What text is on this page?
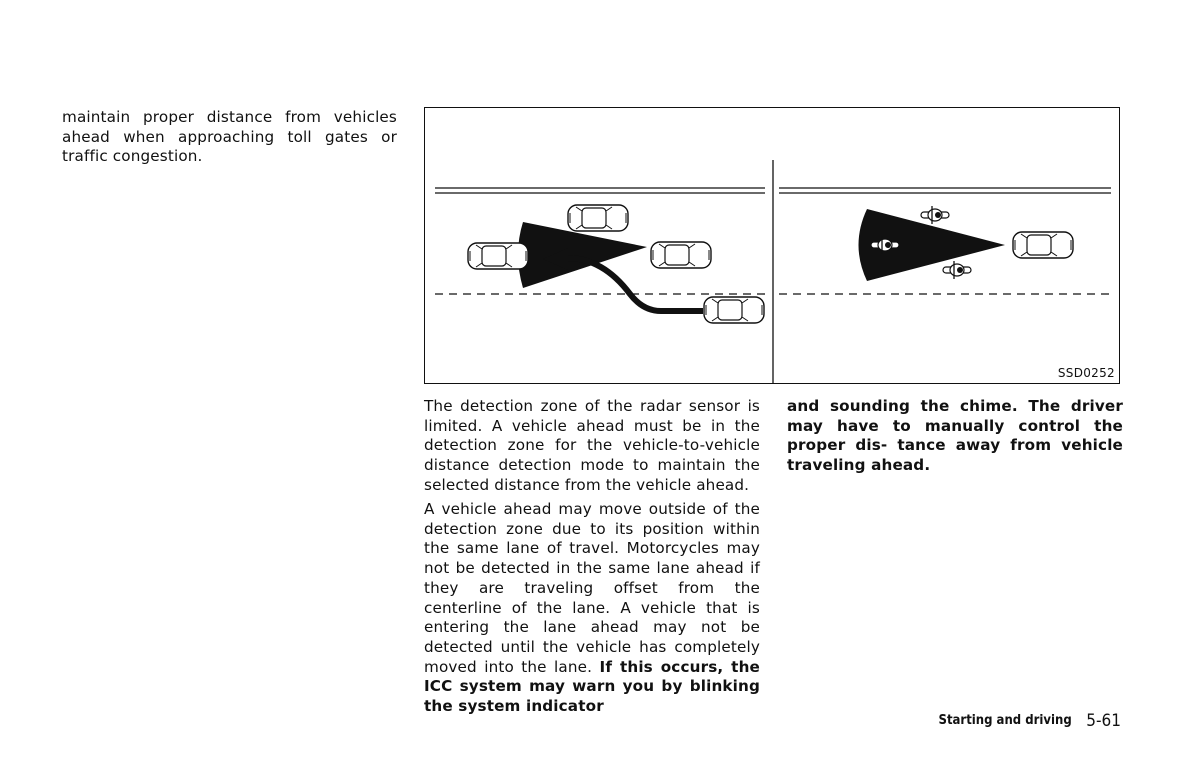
maintain proper distance from vehicles ahead when approaching toll gates or traffic congestion.

SSD0252

The detection zone of the radar sensor is limited. A vehicle ahead must be in the detection zone for the vehicle-to-vehicle distance detection mode to maintain the selected distance from the vehicle ahead.

A vehicle ahead may move outside of the detection zone due to its position within the same lane of travel. Motorcycles may not be detected in the same lane ahead if they are traveling offset from the centerline of the lane. A vehicle that is entering the lane ahead may not be detected until the vehicle has completely moved into the lane. If this occurs, the ICC system may warn you by blinking the system indicator

and sounding the chime. The driver may have to manually control the proper dis- tance away from vehicle traveling ahead.

Starting and driving 5-61
